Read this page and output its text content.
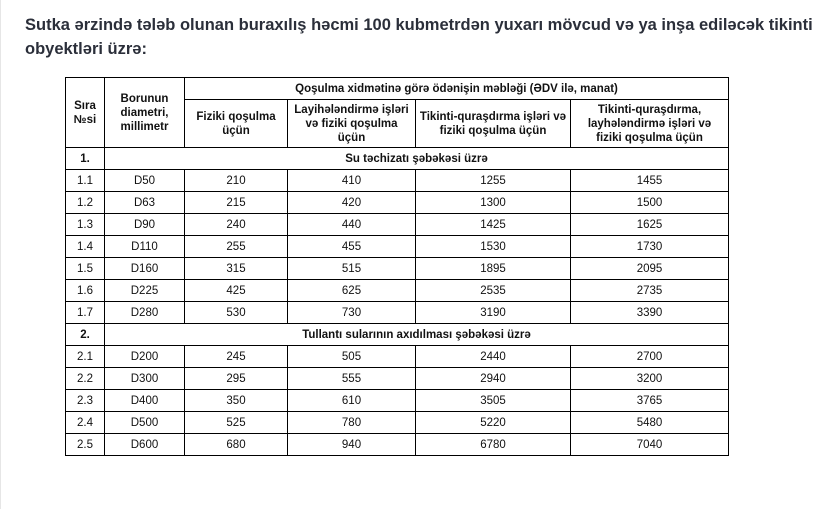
Sutka ərzində tələb olunan buraxılış həcmi 100 kubmetrdən yuxarı mövcud və ya inşa ediləcək tikinti obyektləri üzrə:
Sıra №si	Borunun diametri, millimetr	Qoşulma xidmətinə görə ödənişin məbləği (ƏDV ilə, manat)			
		Fiziki qoşulma üçün	Layihələndirmə işləri və fiziki qoşulma üçün	Tikinti-quraşdırma işləri və fiziki qoşulma üçün	Tikinti-quraşdırma, layhələndirmə işləri və fiziki qoşulma üçün
1.	Su təchizatı şəbəkəsi üzrə				
1.1	D50	210	410	1255	1455
1.2	D63	215	420	1300	1500
1.3	D90	240	440	1425	1625
1.4	D110	255	455	1530	1730
1.5	D160	315	515	1895	2095
1.6	D225	425	625	2535	2735
1.7	D280	530	730	3190	3390
2.	Tullantı sularının axıdılması şəbəkəsi üzrə				
2.1	D200	245	505	2440	2700
2.2	D300	295	555	2940	3200
2.3	D400	350	610	3505	3765
2.4	D500	525	780	5220	5480
2.5	D600	680	940	6780	7040
